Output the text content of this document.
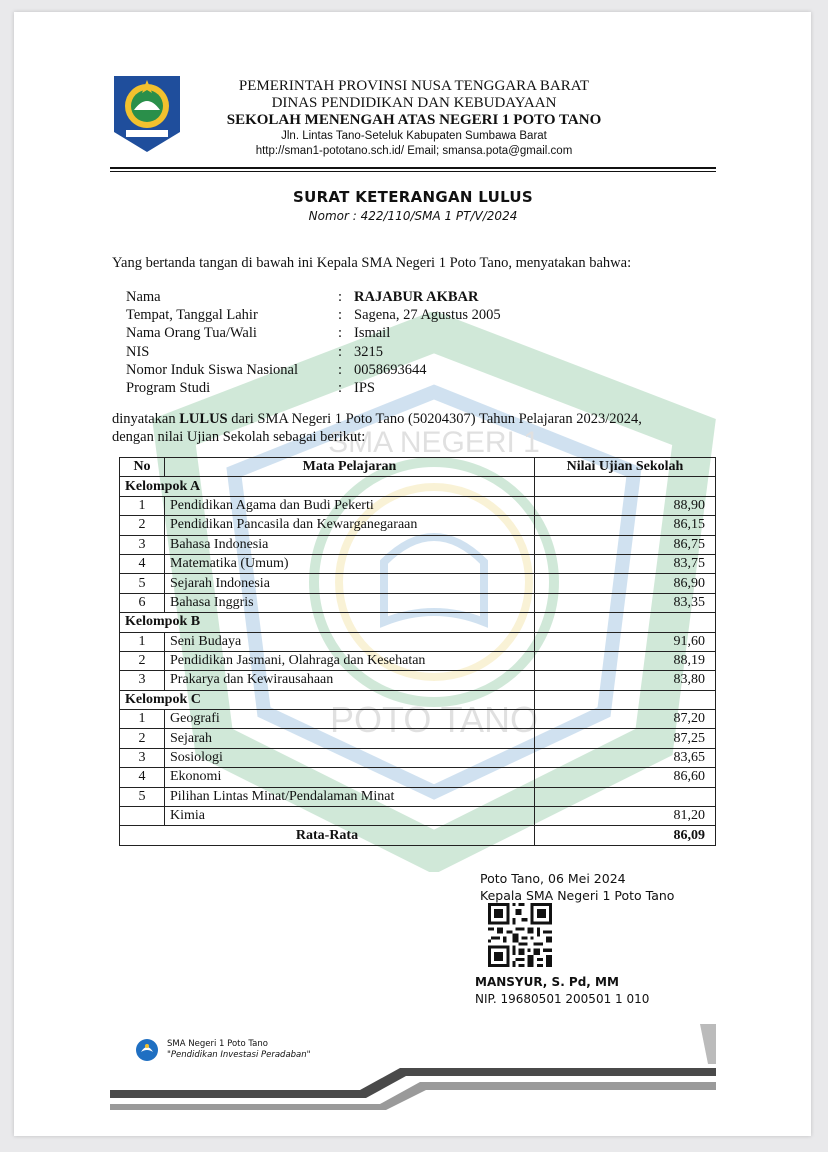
POTO TANO
SMA NEGERI 1
PEMERINTAH PROVINSI NUSA TENGGARA BARAT
DINAS PENDIDIKAN DAN KEBUDAYAAN
SEKOLAH MENENGAH ATAS NEGERI 1 POTO TANO
Jln. Lintas Tano-Seteluk Kabupaten Sumbawa Barat
http://sman1-pototano.sch.id/ Email; smansa.pota@gmail.com
SURAT KETERANGAN LULUS
Nomor : 422/110/SMA 1 PT/V/2024
Yang bertanda tangan di bawah ini Kepala SMA Negeri 1 Poto Tano, menyatakan bahwa:
Nama	: RAJABUR AKBAR
Tempat, Tanggal Lahir	: Sagena, 27 Agustus 2005
Nama Orang Tua/Wali	: Ismail
NIS	: 3215
Nomor Induk Siswa Nasional	: 0058693644
Program Studi	: IPS
dinyatakan LULUS dari SMA Negeri 1 Poto Tano (50204307) Tahun Pelajaran 2023/2024,
dengan nilai Ujian Sekolah sebagai berikut:
No	Mata Pelajaran	Nilai Ujian Sekolah
Kelompok A		
1	Pendidikan Agama dan Budi Pekerti	88,90
2	Pendidikan Pancasila dan Kewarganegaraan	86,15
3	Bahasa Indonesia	86,75
4	Matematika (Umum)	83,75
5	Sejarah Indonesia	86,90
6	Bahasa Inggris	83,35
Kelompok B		
1	Seni Budaya	91,60
2	Pendidikan Jasmani, Olahraga dan Kesehatan	88,19
3	Prakarya dan Kewirausahaan	83,80
Kelompok C		
1	Geografi	87,20
2	Sejarah	87,25
3	Sosiologi	83,65
4	Ekonomi	86,60
5	Pilihan Lintas Minat/Pendalaman Minat	
	Kimia	81,20
Rata-Rata		86,09
Poto Tano, 06 Mei 2024
Kepala SMA Negeri 1 Poto Tano
MANSYUR, S. Pd, MM
NIP. 19680501 200501 1 010
SMA Negeri 1 Poto Tano
"Pendidikan Investasi Peradaban"
